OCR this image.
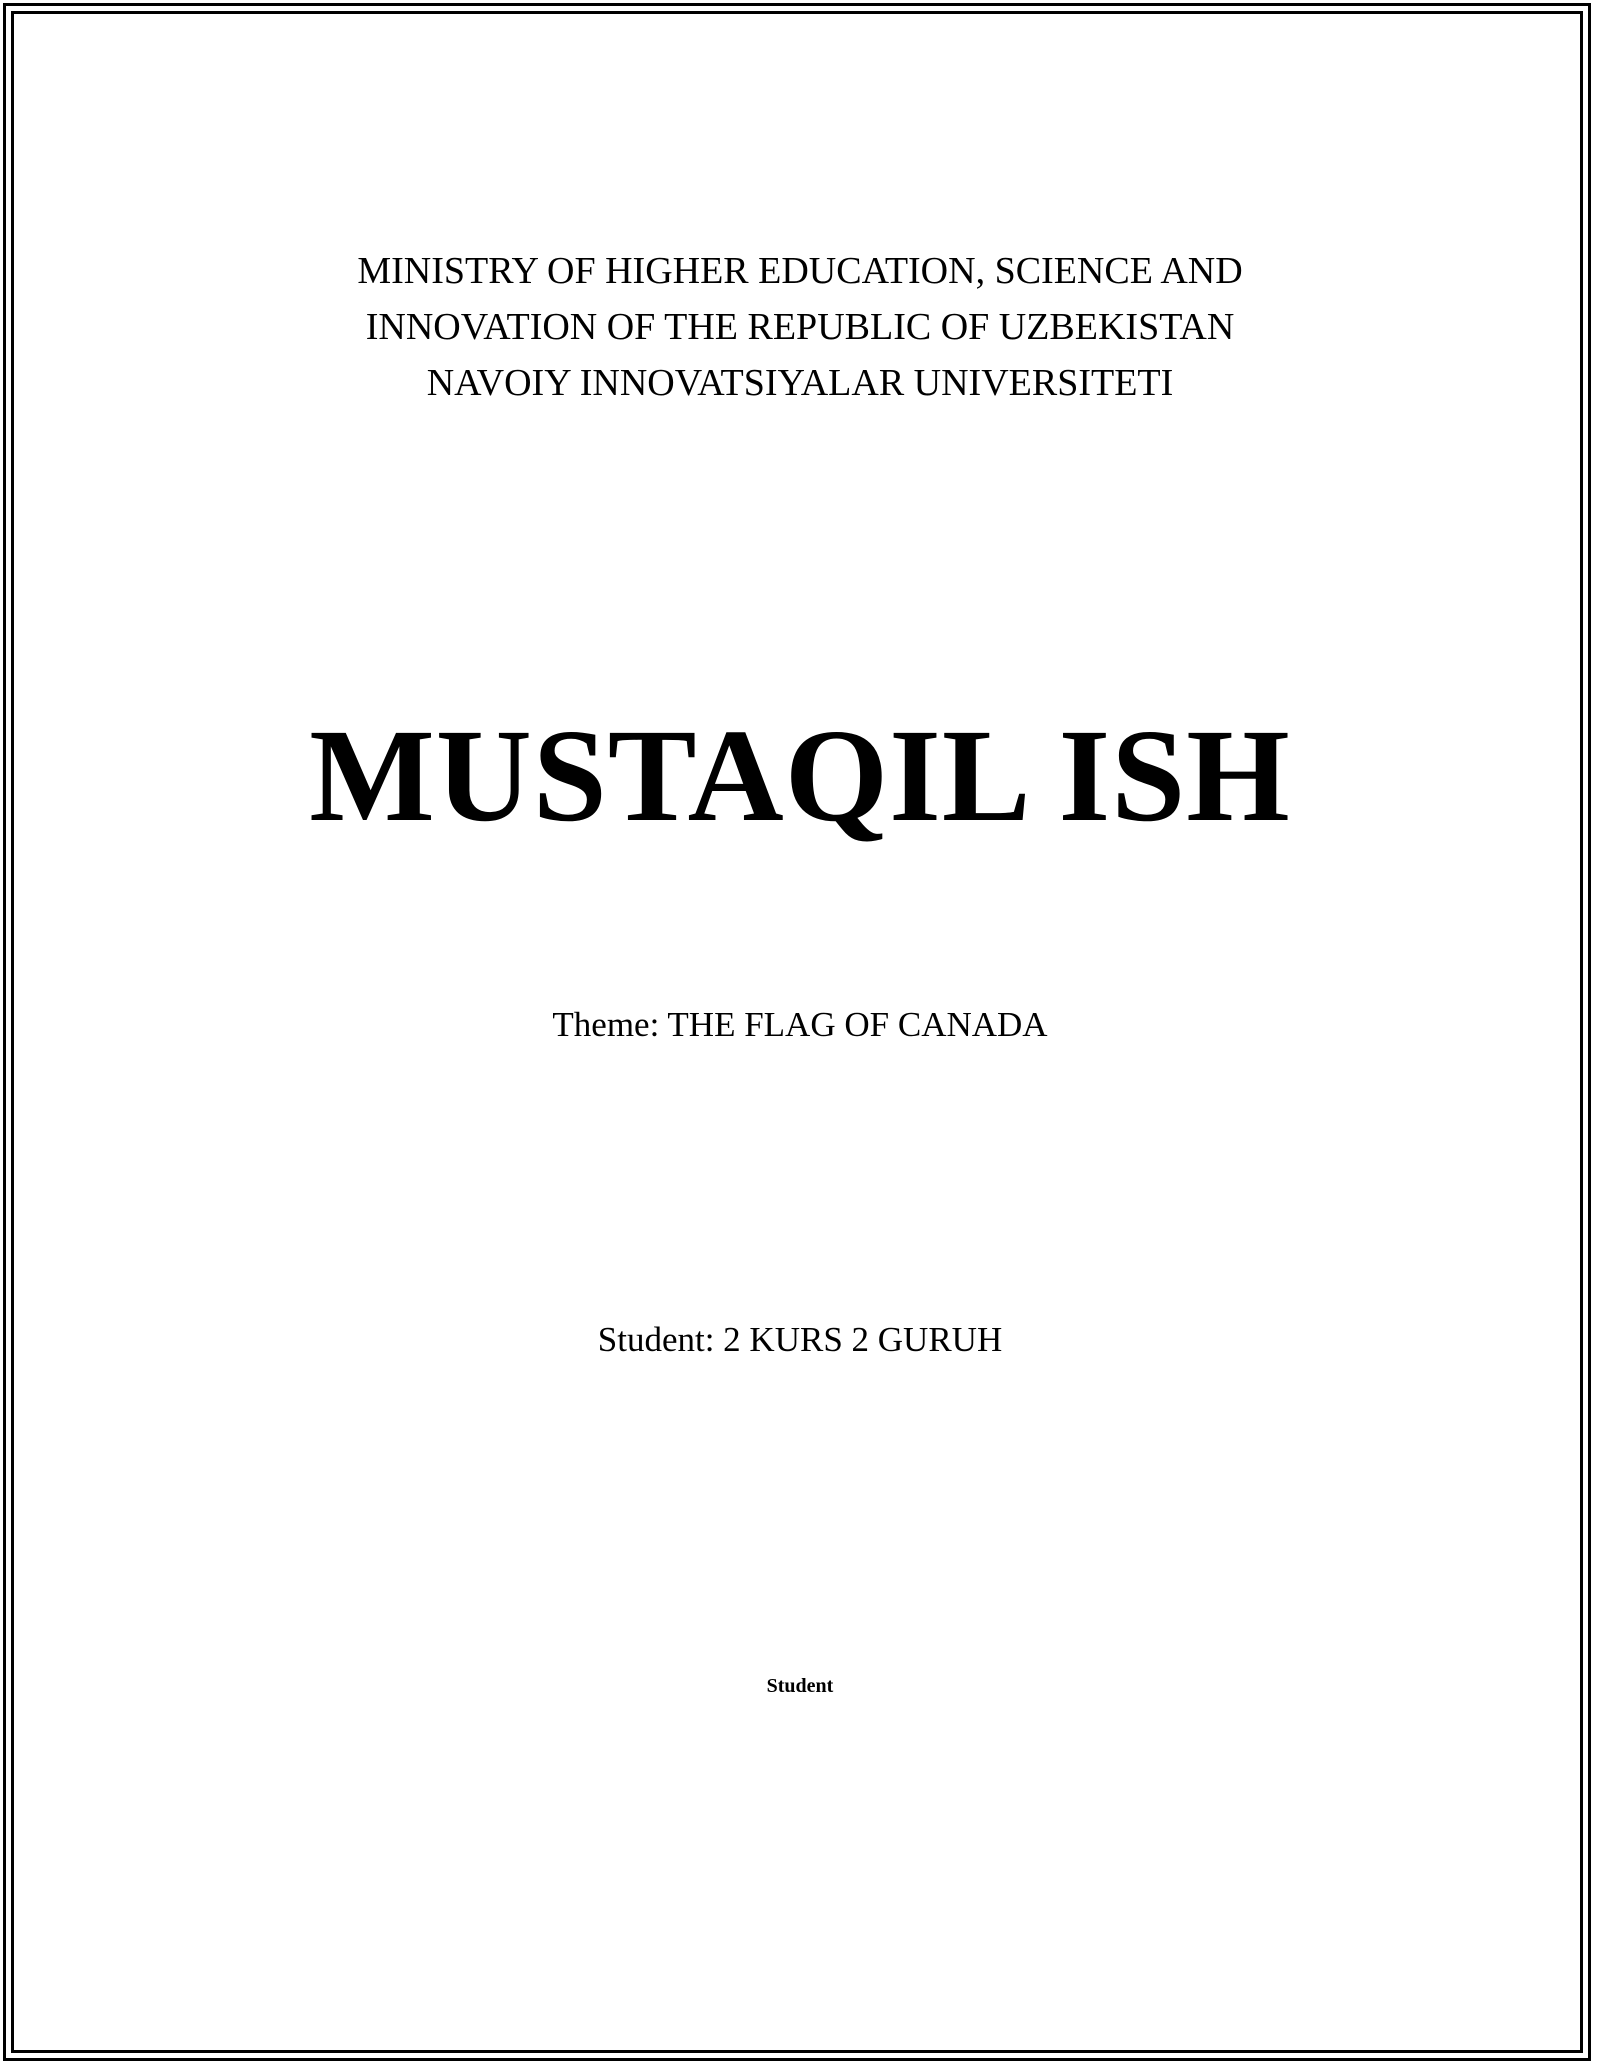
MINISTRY OF HIGHER EDUCATION, SCIENCE AND
INNOVATION OF THE REPUBLIC OF UZBEKISTAN
NAVOIY INNOVATSIYALAR UNIVERSITETI
MUSTAQIL ISH
Theme: THE FLAG OF CANADA
Student: 2 KURS 2 GURUH
Student
